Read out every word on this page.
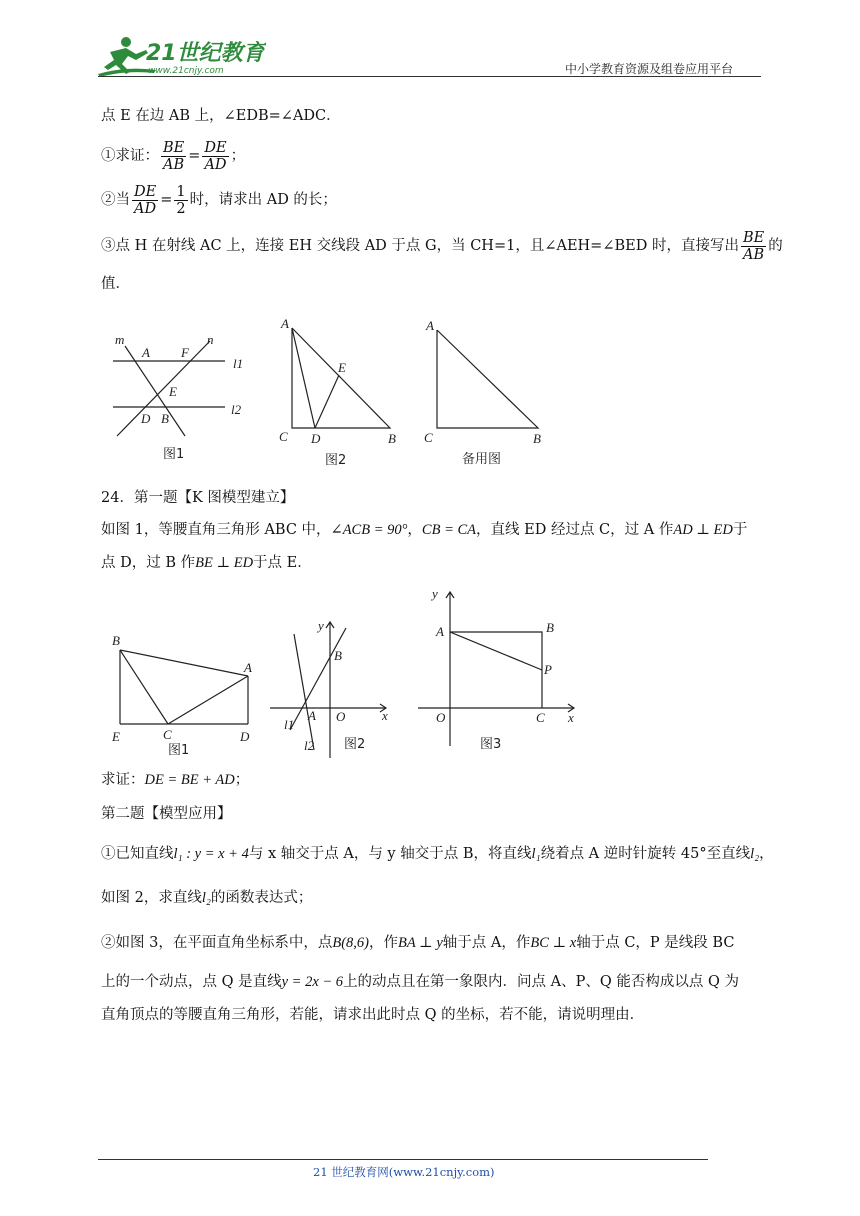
21世纪教育
www.21cnjy.com	中小学教育资源及组卷应用平台
点 E 在边 AB 上，∠EDB=∠ADC．
①求证： $\frac{BE}{AB} = \frac{DE}{AD}$ ；
②当 $\frac{DE}{AD} = \frac{1}{2}$ 时，请求出 AD 的长；
③点 H 在射线 AC 上，连接 EH 交线段 AD 于点 G，当 CH=1，且∠AEH=∠BED 时，直接写出 $\frac{BE}{AB}$ 的
值．
m	n
A F
E
D B
l1
l2
图1
A
E
C D	B
图2
A
C	B
备用图
24．第一题【K 图模型建立】
如图 1，等腰直角三角形 ABC 中，∠ACB = 90°，CB = CA，直线 ED 经过点 C，过 A 作AD ⊥ ED于
点 D，过 B 作BE ⊥ ED于点 E．
B
A
E	C	D
图1
y
B
l1
A O	x
l2 图2
y
A	B
P
O	C x
图3
求证：DE = BE + AD；
第二题【模型应用】
①已知直线l₁ : y = x + 4与 x 轴交于点 A，与 y 轴交于点 B，将直线l₁绕着点 A 逆时针旋转 45°至直线l₂，
如图 2，求直线l₂的函数表达式；
②如图 3，在平面直角坐标系中，点B(8,6)，作BA ⊥ y轴于点 A，作BC ⊥ x轴于点 C，P 是线段 BC
上的一个动点，点 Q 是直线y = 2x − 6上的动点且在第一象限内．问点 A、P、Q 能否构成以点 Q 为
直角顶点的等腰直角三角形，若能，请求出此时点 Q 的坐标，若不能，请说明理由．
21 世纪教育网(www.21cnjy.com)
